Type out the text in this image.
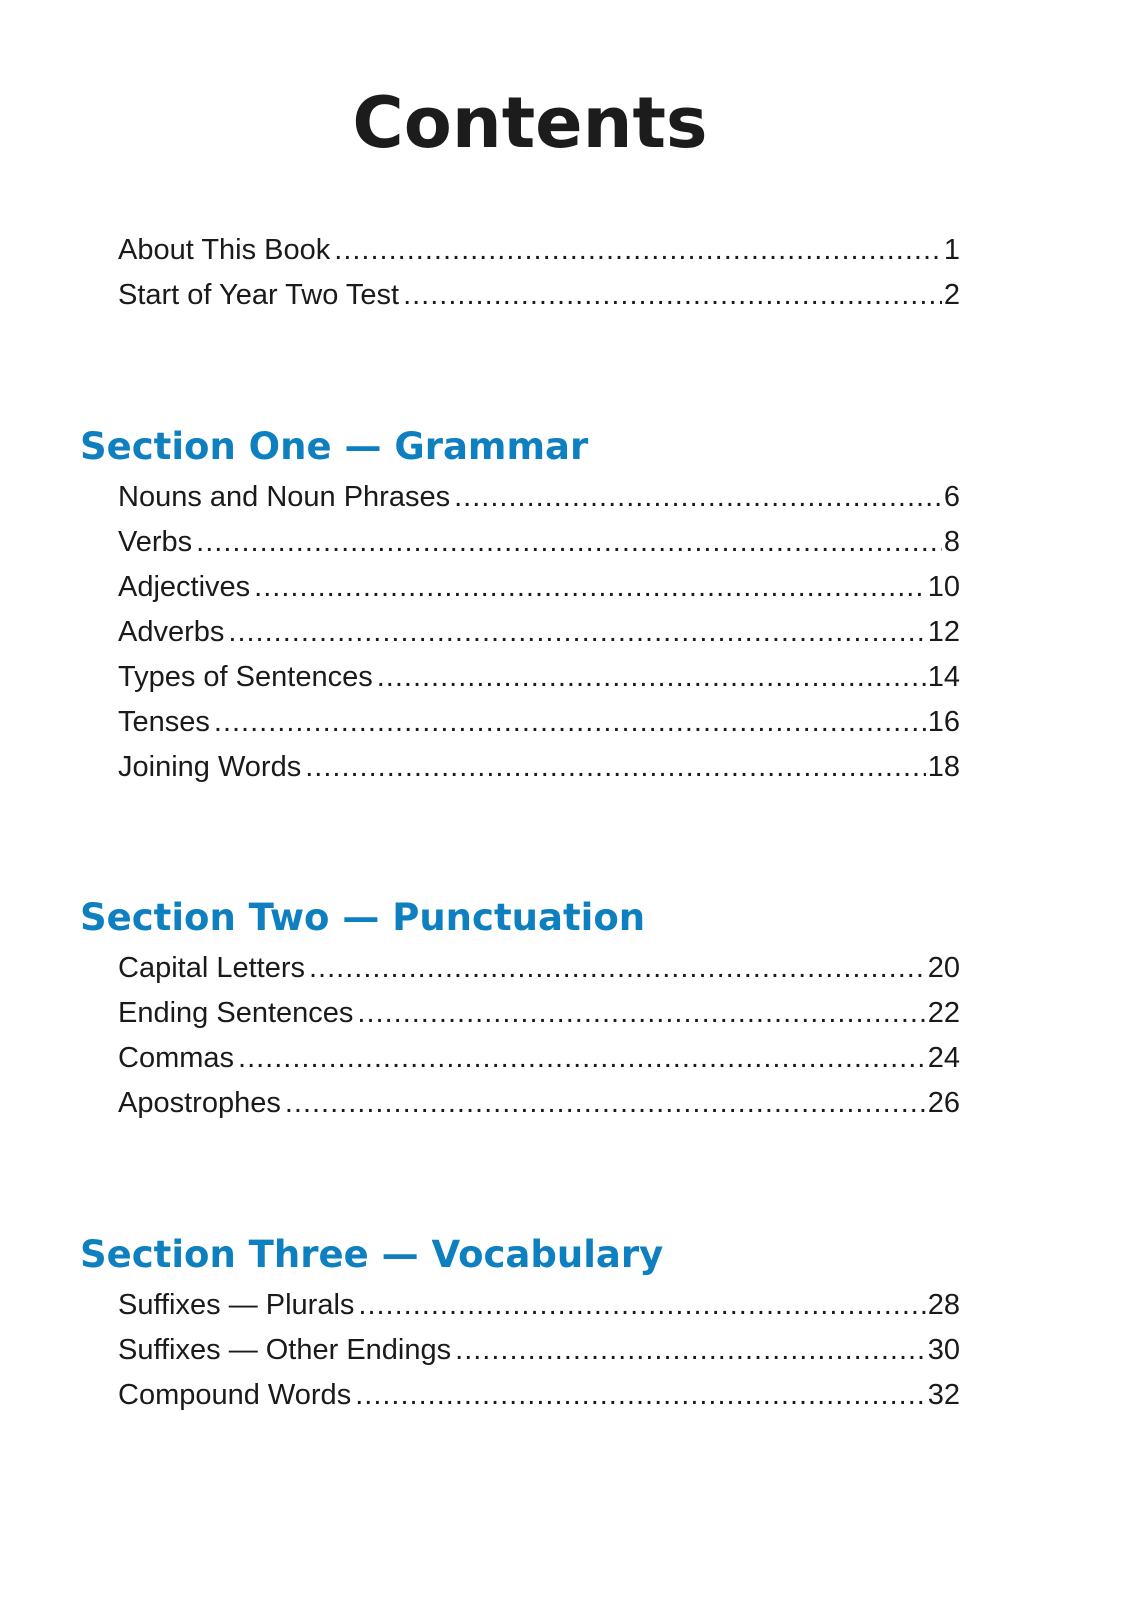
Contents
About This Book .....	1
Start of Year Two Test .....	2
Section One — Grammar
Nouns and Noun Phrases .....	6
Verbs .....	8
Adjectives .....	10
Adverbs .....	12
Types of Sentences .....	14
Tenses .....	16
Joining Words .....	18
Section Two — Punctuation
Capital Letters .....	20
Ending Sentences .....	22
Commas .....	24
Apostrophes .....	26
Section Three — Vocabulary
Suffixes — Plurals .....	28
Suffixes — Other Endings .....	30
Compound Words .....	32
